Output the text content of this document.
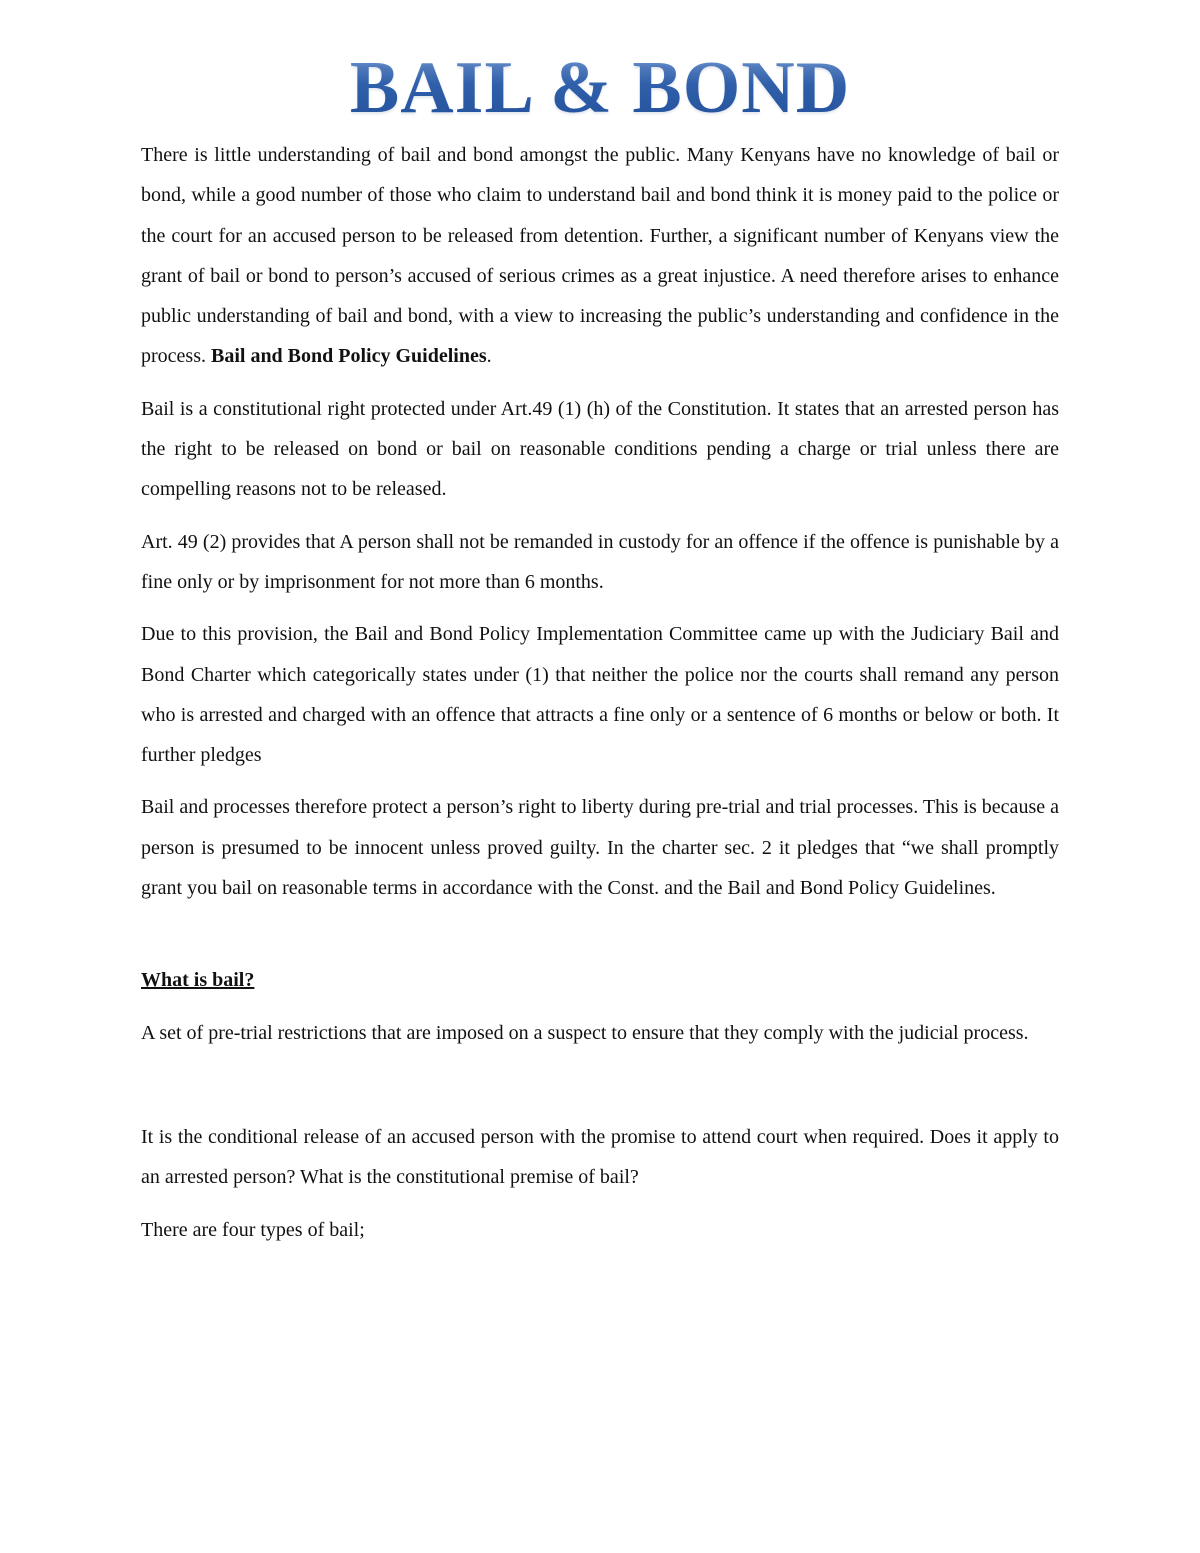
BAIL & BOND

There is little understanding of bail and bond amongst the public. Many Kenyans have no knowledge of bail or bond, while a good number of those who claim to understand bail and bond think it is money paid to the police or the court for an accused person to be released from detention. Further, a significant number of Kenyans view the grant of bail or bond to person’s accused of serious crimes as a great injustice. A need therefore arises to enhance public understanding of bail and bond, with a view to increasing the public’s understanding and confidence in the process. Bail and Bond Policy Guidelines.

Bail is a constitutional right protected under Art.49 (1) (h) of the Constitution. It states that an arrested person has the right to be released on bond or bail on reasonable conditions pending a charge or trial unless there are compelling reasons not to be released.

Art. 49 (2) provides that A person shall not be remanded in custody for an offence if the offence is punishable by a fine only or by imprisonment for not more than 6 months.

Due to this provision, the Bail and Bond Policy Implementation Committee came up with the Judiciary Bail and Bond Charter which categorically states under (1) that neither the police nor the courts shall remand any person who is arrested and charged with an offence that attracts a fine only or a sentence of 6 months or below or both. It further pledges

Bail and processes therefore protect a person’s right to liberty during pre-trial and trial processes. This is because a person is presumed to be innocent unless proved guilty. In the charter sec. 2 it pledges that “we shall promptly grant you bail on reasonable terms in accordance with the Const. and the Bail and Bond Policy Guidelines.

What is bail?

A set of pre-trial restrictions that are imposed on a suspect to ensure that they comply with the judicial process.

It is the conditional release of an accused person with the promise to attend court when required. Does it apply to an arrested person? What is the constitutional premise of bail?

There are four types of bail;
